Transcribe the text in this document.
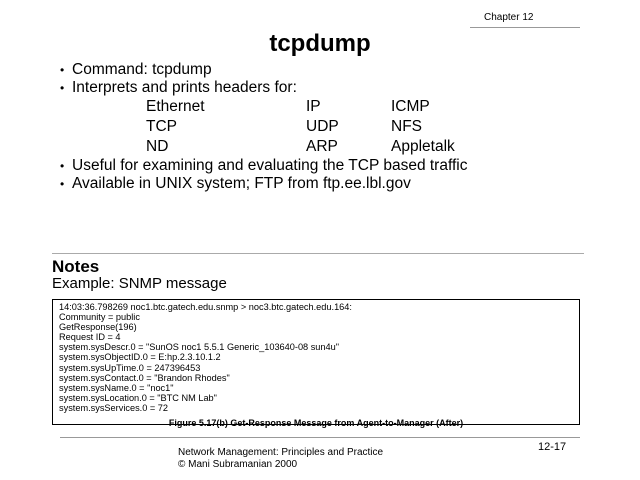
Chapter 12
tcpdump
• Command: tcpdump
• Interprets and prints headers for:
Ethernet	IP	ICMP
TCP	UDP	NFS
ND	ARP	Appletalk
• Useful for examining and evaluating the TCP based traffic
• Available in UNIX system; FTP from ftp.ee.lbl.gov
Notes
Example: SNMP message
14:03:36.798269 noc1.btc.gatech.edu.snmp > noc3.btc.gatech.edu.164:
Community = public
GetResponse(196)
Request ID = 4
system.sysDescr.0 = "SunOS noc1 5.5.1 Generic_103640-08 sun4u"
system.sysObjectID.0 = E:hp.2.3.10.1.2
system.sysUpTime.0 = 247396453
system.sysContact.0 = "Brandon Rhodes"
system.sysName.0 = "noc1"
system.sysLocation.0 = "BTC NM Lab"
system.sysServices.0 = 72
Figure 5.17(b) Get-Response Message from Agent-to-Manager (After)
Network Management: Principles and Practice
© Mani Subramanian 2000
12-17
